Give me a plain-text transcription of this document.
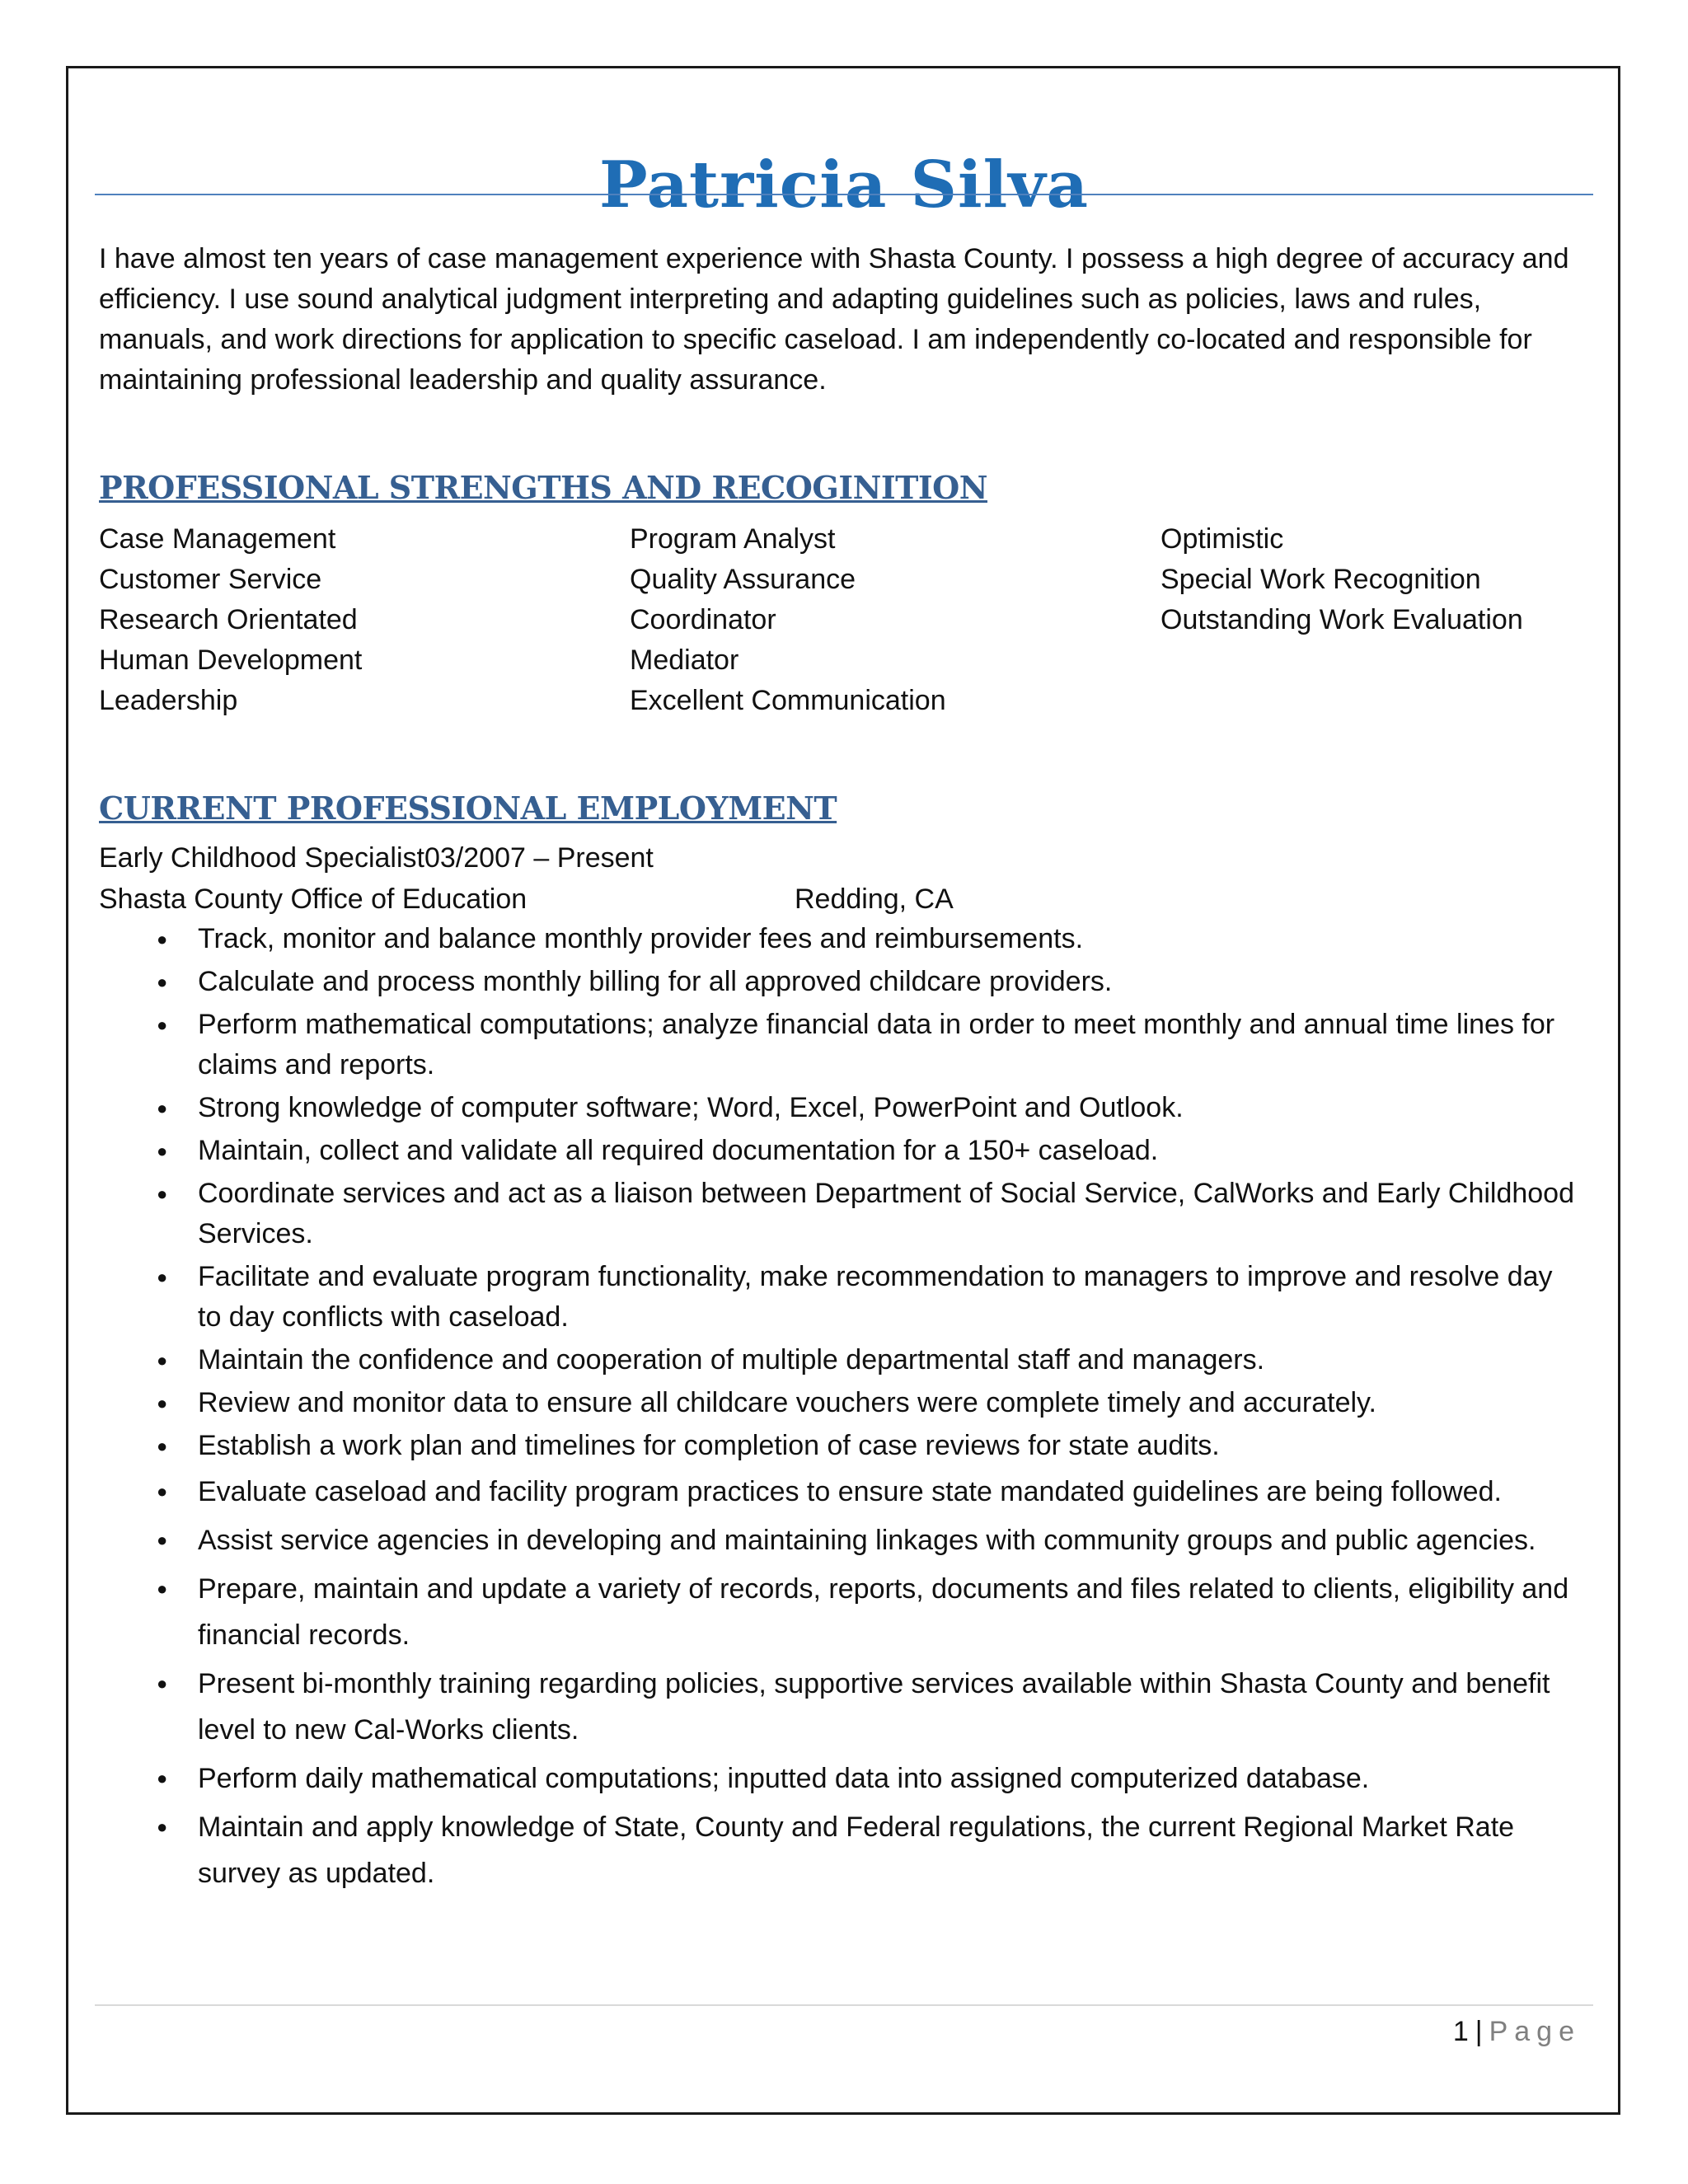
Patricia Silva

I have almost ten years of case management experience with Shasta County. I possess a high degree of accuracy and efficiency. I use sound analytical judgment interpreting and adapting guidelines such as policies, laws and rules, manuals, and work directions for application to specific caseload. I am independently co-located and responsible for maintaining professional leadership and quality assurance.

PROFESSIONAL STRENGTHS AND RECOGINITION
Case Management
Customer Service
Research Orientated
Human Development
Leadership
Program Analyst
Quality Assurance
Coordinator
Mediator
Excellent Communication
Optimistic
Special Work Recognition
Outstanding Work Evaluation
CURRENT PROFESSIONAL EMPLOYMENT

Early Childhood Specialist03/2007 – Present

Shasta County Office of Education	Redding, CA

● Track, monitor and balance monthly provider fees and reimbursements.
● Calculate and process monthly billing for all approved childcare providers.
● Perform mathematical computations; analyze financial data in order to meet monthly and annual time lines for claims and reports.
● Strong knowledge of computer software; Word, Excel, PowerPoint and Outlook.
● Maintain, collect and validate all required documentation for a 150+ caseload.
● Coordinate services and act as a liaison between Department of Social Service, CalWorks and Early Childhood Services.
● Facilitate and evaluate program functionality, make recommendation to managers to improve and resolve day to day conflicts with caseload.
● Maintain the confidence and cooperation of multiple departmental staff and managers.
● Review and monitor data to ensure all childcare vouchers were complete timely and accurately.
● Establish a work plan and timelines for completion of case reviews for state audits.
● Evaluate caseload and facility program practices to ensure state mandated guidelines are being followed.
● Assist service agencies in developing and maintaining linkages with community groups and public agencies.
● Prepare, maintain and update a variety of records, reports, documents and files related to clients, eligibility and financial records.
● Present bi-monthly training regarding policies, supportive services available within Shasta County and benefit level to new Cal-Works clients.
● Perform daily mathematical computations; inputted data into assigned computerized database.
● Maintain and apply knowledge of State, County and Federal regulations, the current Regional Market Rate survey as updated.
1 | Page
